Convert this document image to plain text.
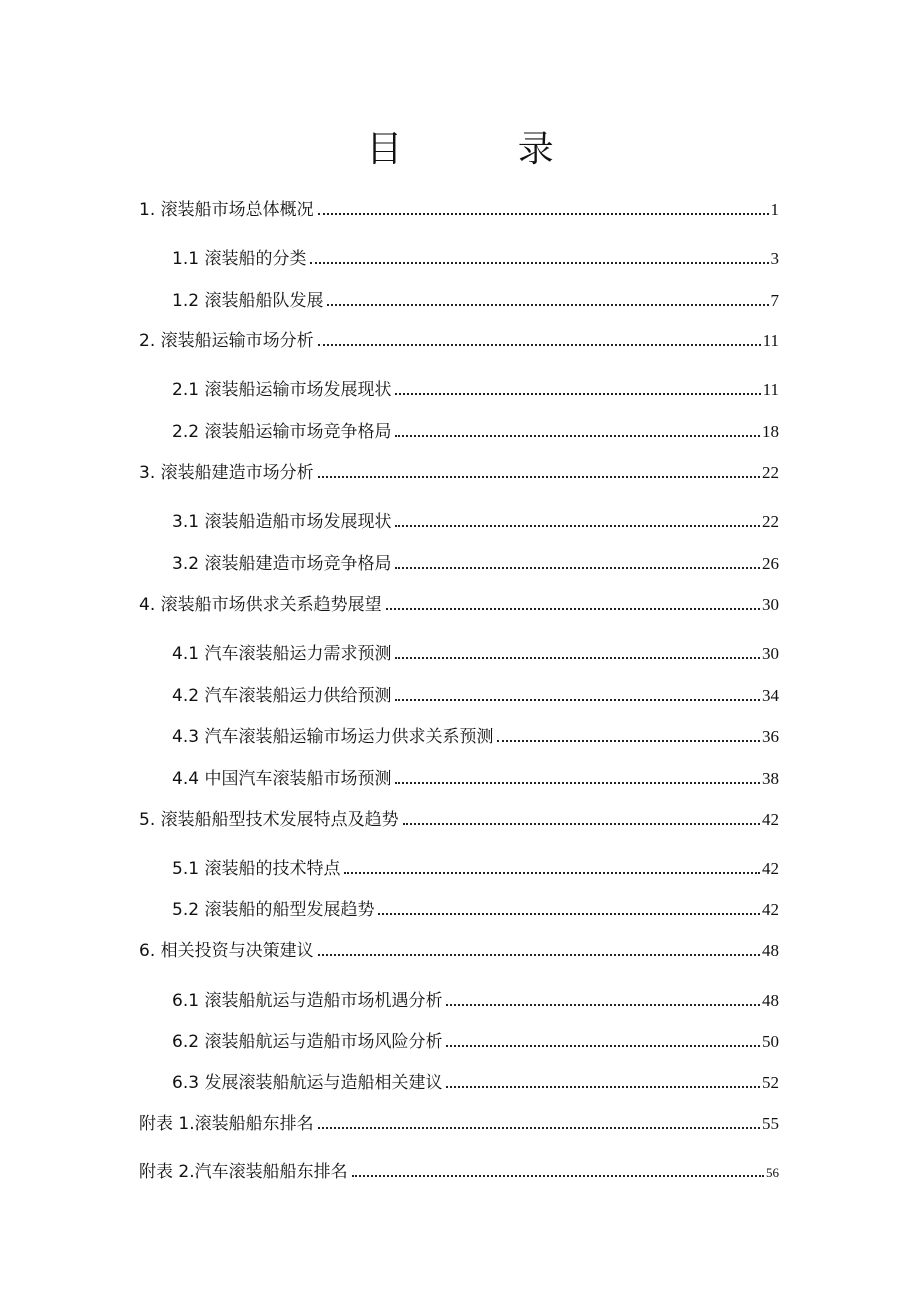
目 录
1. 滚装船市场总体概况	1
1.1 滚装船的分类	3
1.2 滚装船船队发展	7
2. 滚装船运输市场分析	11
2.1 滚装船运输市场发展现状	11
2.2 滚装船运输市场竞争格局	18
3. 滚装船建造市场分析	22
3.1 滚装船造船市场发展现状	22
3.2 滚装船建造市场竞争格局	26
4. 滚装船市场供求关系趋势展望	30
4.1 汽车滚装船运力需求预测	30
4.2 汽车滚装船运力供给预测	34
4.3 汽车滚装船运输市场运力供求关系预测	36
4.4 中国汽车滚装船市场预测	38
5. 滚装船船型技术发展特点及趋势	42
5.1 滚装船的技术特点	42
5.2 滚装船的船型发展趋势	42
6. 相关投资与决策建议	48
6.1 滚装船航运与造船市场机遇分析	48
6.2 滚装船航运与造船市场风险分析	50
6.3 发展滚装船航运与造船相关建议	52
附表 1.滚装船船东排名	55
附表 2.汽车滚装船船东排名	56
